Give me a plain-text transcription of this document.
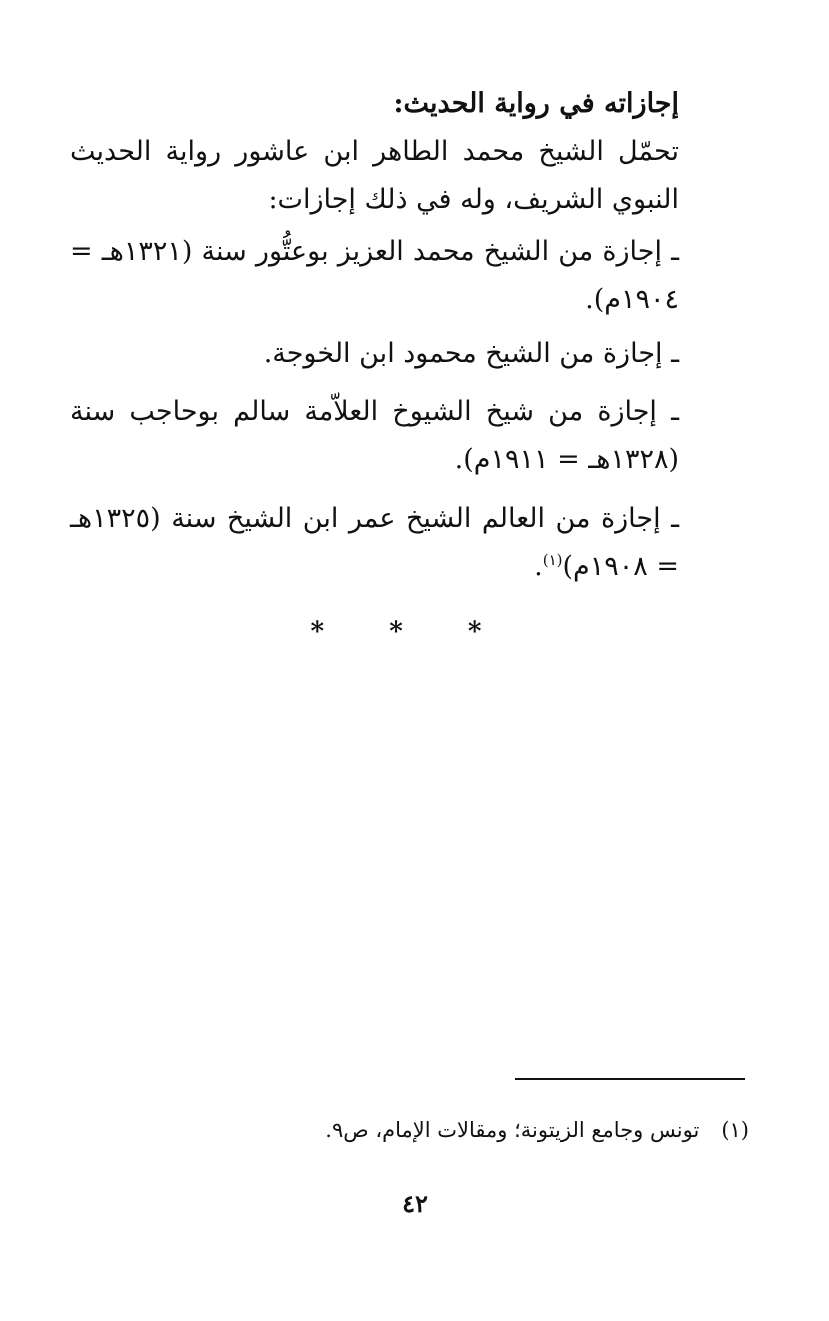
إجازاته في رواية الحديث:
تحمّل الشيخ محمد الطاهر ابن عاشور رواية الحديث النبوي الشريف، وله في ذلك إجازات:
ـ إجازة من الشيخ محمد العزيز بوعتُّور سنة (١٣٢١هـ = ١٩٠٤م).
ـ إجازة من الشيخ محمود ابن الخوجة.
ـ إجازة من شيخ الشيوخ العلاّمة سالم بوحاجب سنة (١٣٢٨هـ = ١٩١١م).
ـ إجازة من العالم الشيخ عمر ابن الشيخ سنة (١٣٢٥هـ = ١٩٠٨م)$^{(١)}$.
* * *
(١)تونس وجامع الزيتونة؛ ومقالات الإمام، ص٩.
٤٢
